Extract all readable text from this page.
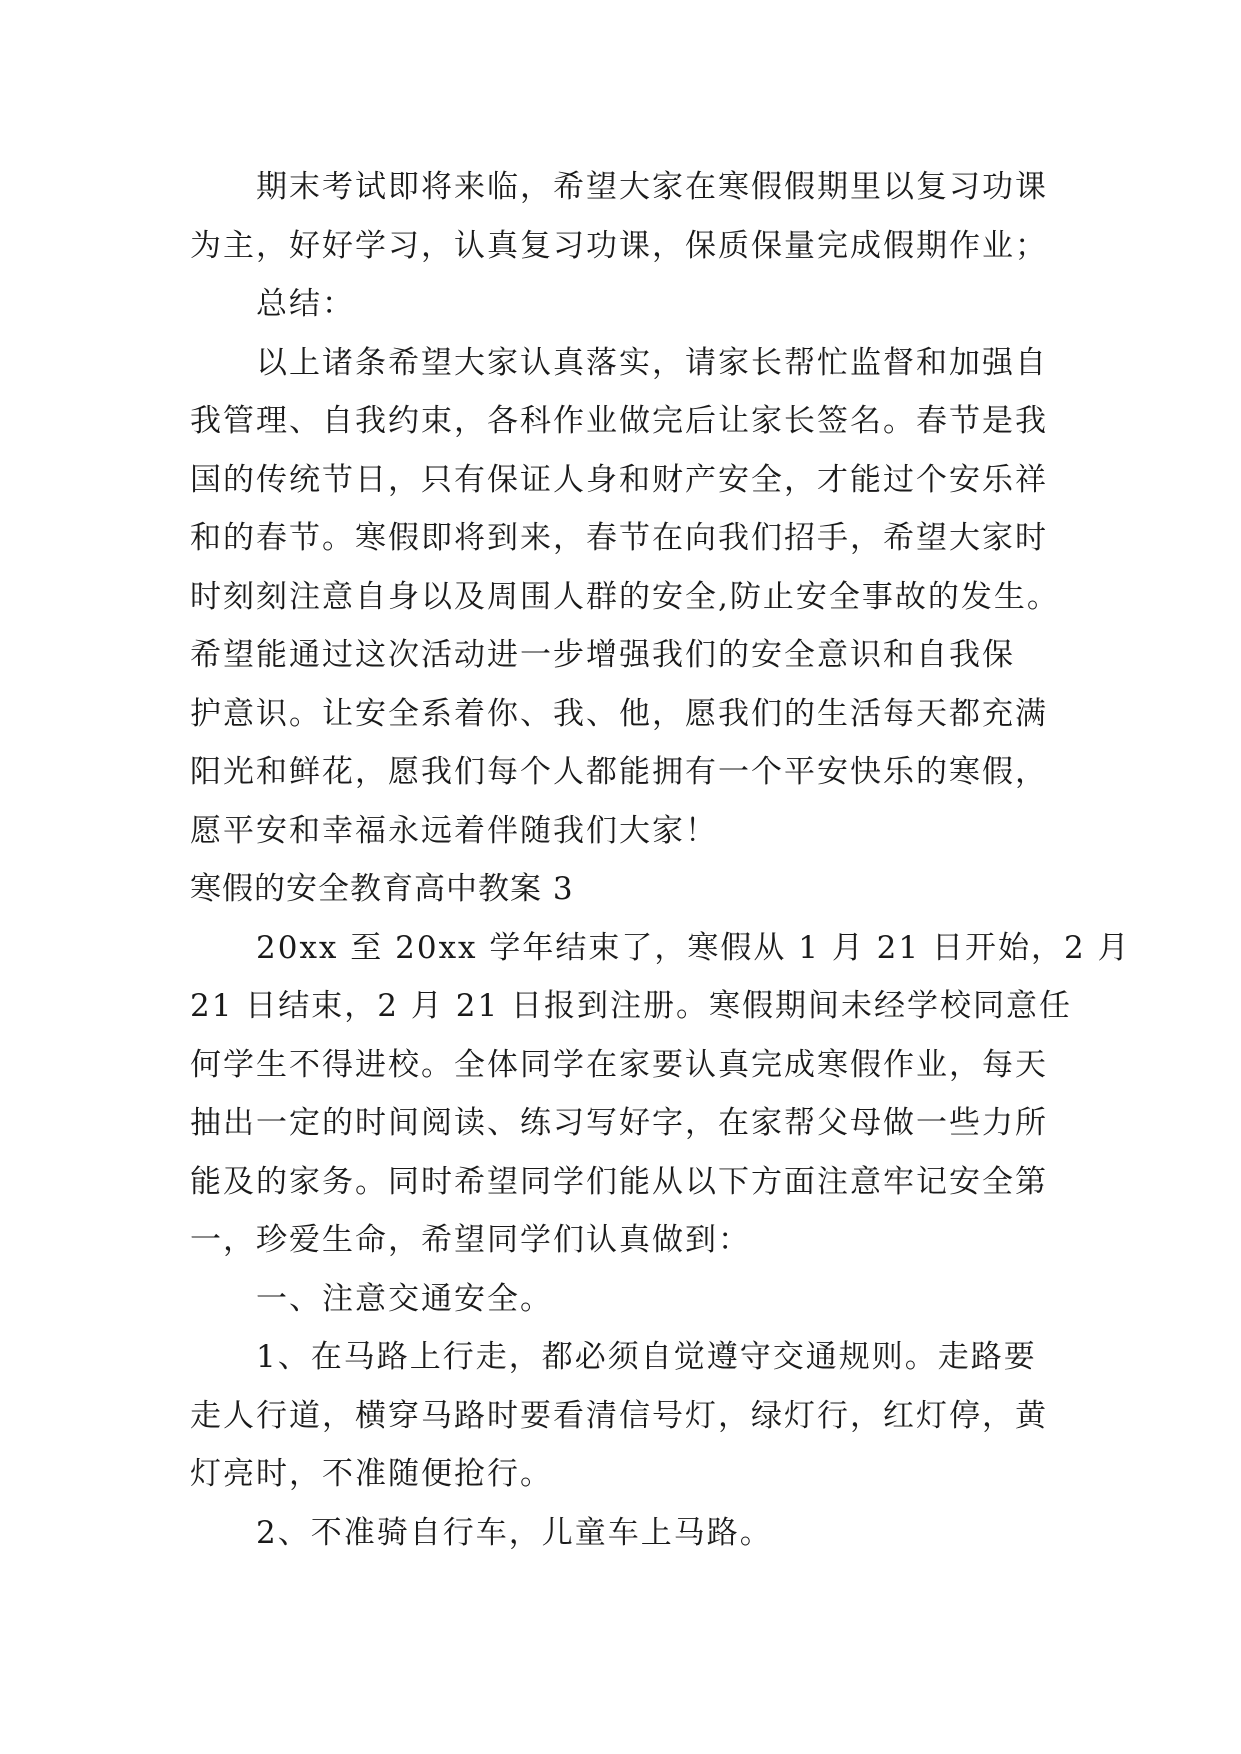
期末考试即将来临，希望大家在寒假假期里以复习功课
为主，好好学习，认真复习功课，保质保量完成假期作业；
总结：
以上诸条希望大家认真落实，请家长帮忙监督和加强自
我管理、自我约束，各科作业做完后让家长签名。春节是我
国的传统节日，只有保证人身和财产安全，才能过个安乐祥
和的春节。寒假即将到来，春节在向我们招手，希望大家时
时刻刻注意自身以及周围人群的安全,防止安全事故的发生。
希望能通过这次活动进一步增强我们的安全意识和自我保
护意识。让安全系着你、我、他，愿我们的生活每天都充满
阳光和鲜花，愿我们每个人都能拥有一个平安快乐的寒假，
愿平安和幸福永远着伴随我们大家！
寒假的安全教育高中教案 3
20xx 至 20xx 学年结束了，寒假从 1 月 21 日开始，2 月
21 日结束，2 月 21 日报到注册。寒假期间未经学校同意任
何学生不得进校。全体同学在家要认真完成寒假作业，每天
抽出一定的时间阅读、练习写好字，在家帮父母做一些力所
能及的家务。同时希望同学们能从以下方面注意牢记安全第
一，珍爱生命，希望同学们认真做到：
一、注意交通安全。
1、在马路上行走，都必须自觉遵守交通规则。走路要
走人行道，横穿马路时要看清信号灯，绿灯行，红灯停，黄
灯亮时，不准随便抢行。
2、不准骑自行车，儿童车上马路。
